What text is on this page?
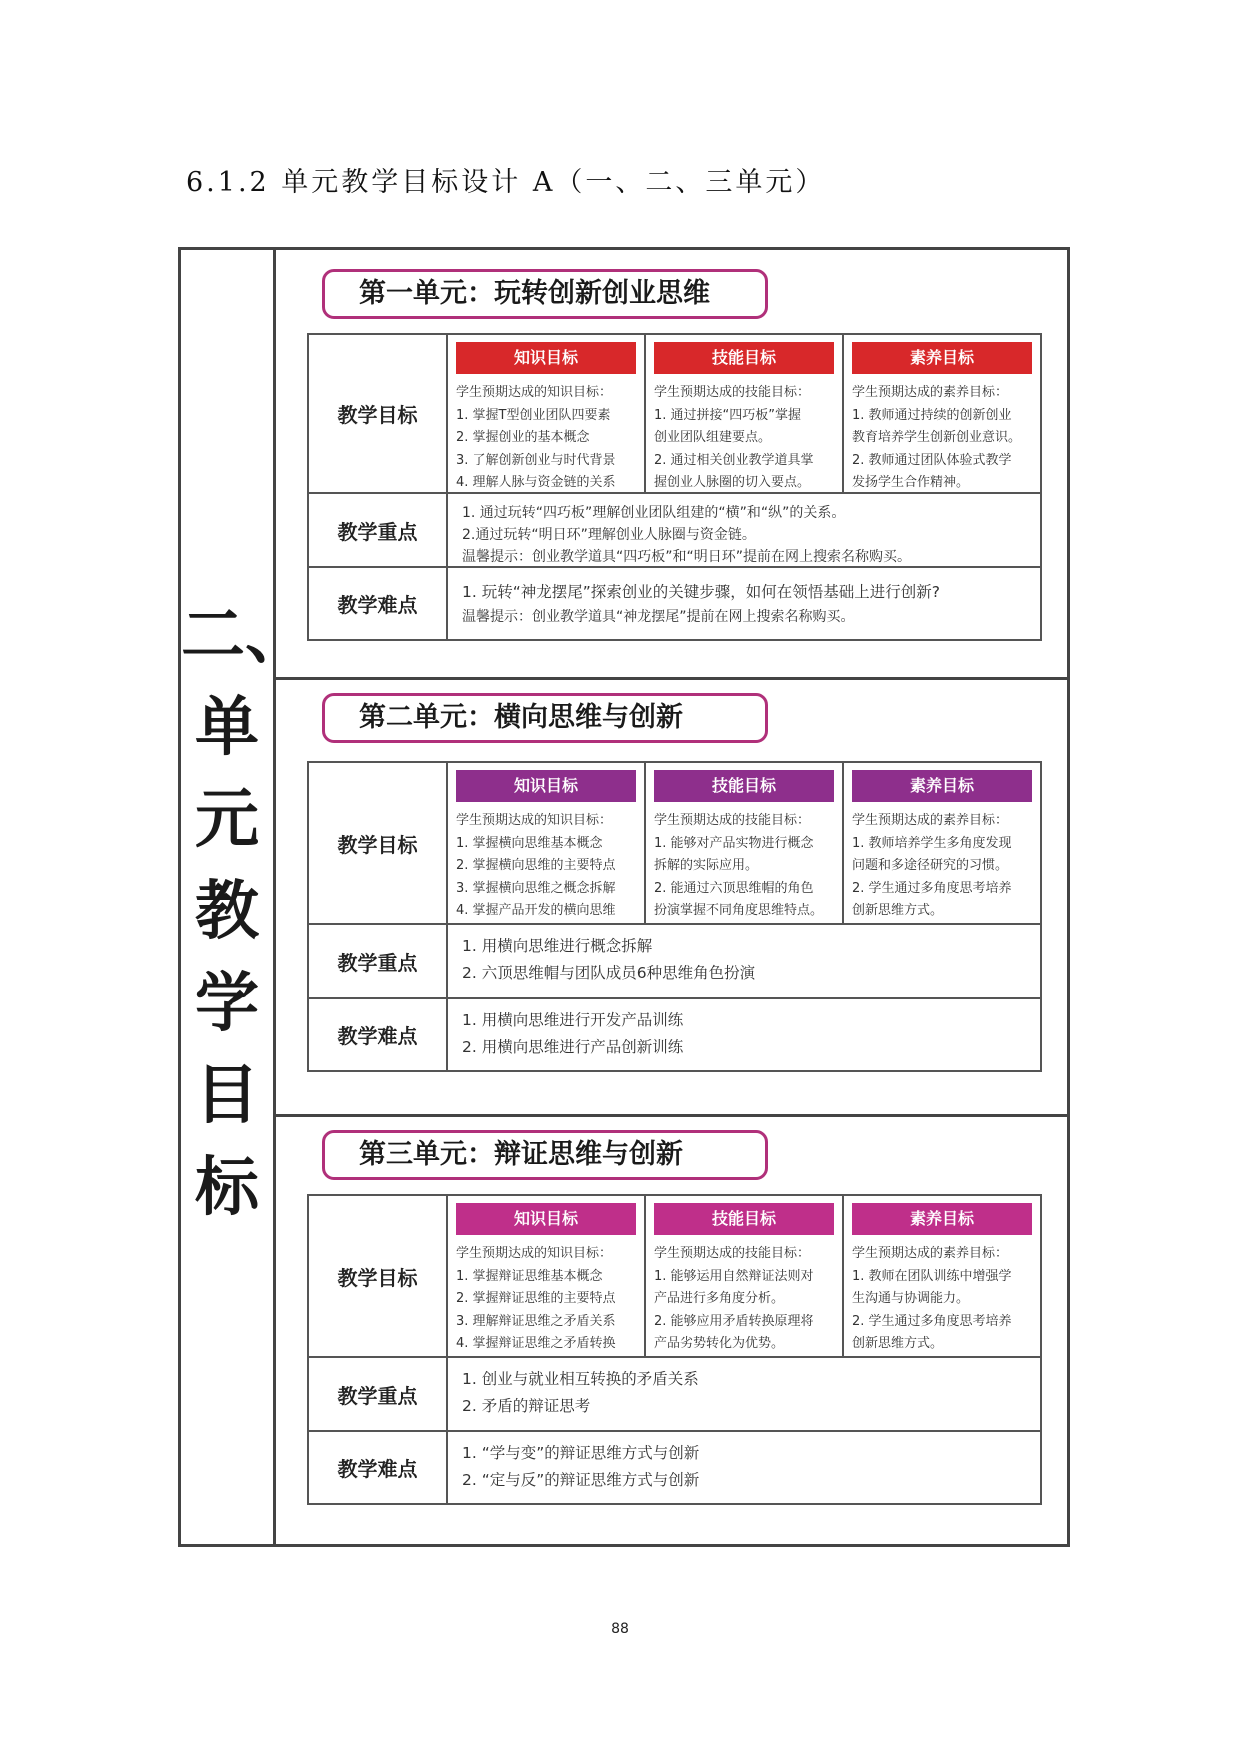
6.1.2 单元教学目标设计 A（一、二、三单元）
二、
单
元
教
学
目
标
第一单元：玩转创新创业思维
教学目标
知识目标
学生预期达成的知识目标：
1. 掌握T型创业团队四要素
2. 掌握创业的基本概念
3. 了解创新创业与时代背景
4. 理解人脉与资金链的关系
技能目标
学生预期达成的技能目标：
1. 通过拼接“四巧板”掌握
创业团队组建要点。
2. 通过相关创业教学道具掌
握创业人脉圈的切入要点。
素养目标
学生预期达成的素养目标：
1. 教师通过持续的创新创业
教育培养学生创新创业意识。
2. 教师通过团队体验式教学
发扬学生合作精神。
教学重点
1. 通过玩转“四巧板”理解创业团队组建的“横”和“纵”的关系。
2.通过玩转“明日环”理解创业人脉圈与资金链。
温馨提示：创业教学道具“四巧板”和“明日环”提前在网上搜索名称购买。
教学难点
1. 玩转“神龙摆尾”探索创业的关键步骤，如何在领悟基础上进行创新?
温馨提示：创业教学道具“神龙摆尾”提前在网上搜索名称购买。
第二单元：横向思维与创新
教学目标
知识目标
学生预期达成的知识目标：
1. 掌握横向思维基本概念
2. 掌握横向思维的主要特点
3. 掌握横向思维之概念拆解
4. 掌握产品开发的横向思维
技能目标
学生预期达成的技能目标：
1. 能够对产品实物进行概念
拆解的实际应用。
2. 能通过六顶思维帽的角色
扮演掌握不同角度思维特点。
素养目标
学生预期达成的素养目标：
1. 教师培养学生多角度发现
问题和多途径研究的习惯。
2. 学生通过多角度思考培养
创新思维方式。
教学重点
1. 用横向思维进行概念拆解
2. 六顶思维帽与团队成员6种思维角色扮演
教学难点
1. 用横向思维进行开发产品训练
2. 用横向思维进行产品创新训练
第三单元：辩证思维与创新
教学目标
知识目标
学生预期达成的知识目标：
1. 掌握辩证思维基本概念
2. 掌握辩证思维的主要特点
3. 理解辩证思维之矛盾关系
4. 掌握辩证思维之矛盾转换
技能目标
学生预期达成的技能目标：
1. 能够运用自然辩证法则对
产品进行多角度分析。
2. 能够应用矛盾转换原理将
产品劣势转化为优势。
素养目标
学生预期达成的素养目标：
1. 教师在团队训练中增强学
生沟通与协调能力。
2. 学生通过多角度思考培养
创新思维方式。
教学重点
1. 创业与就业相互转换的矛盾关系
2. 矛盾的辩证思考
教学难点
1. “学与变”的辩证思维方式与创新
2. “定与反”的辩证思维方式与创新
88
